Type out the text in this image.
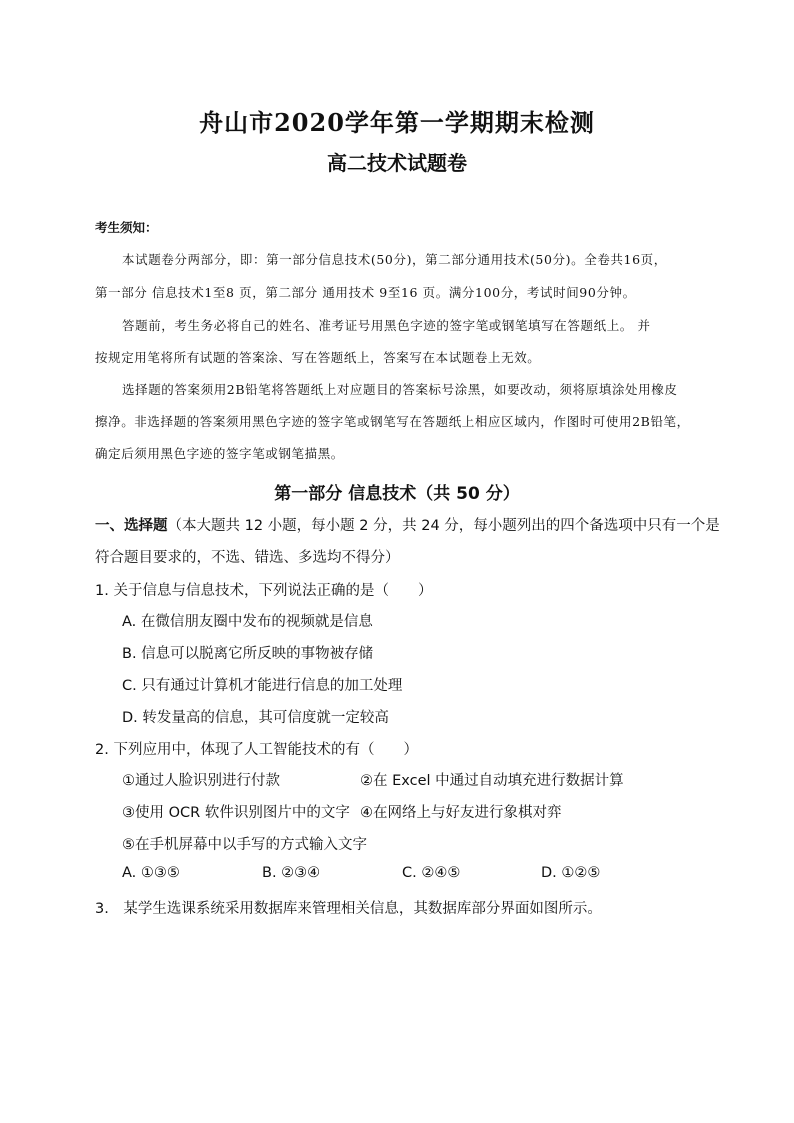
舟山市2020学年第一学期期末检测
高二技术试题卷
考生须知：
本试题卷分两部分，即：第一部分信息技术(50分)，第二部分通用技术(50分)。全卷共16页，
第一部分 信息技术1至8 页，第二部分 通用技术 9至16 页。满分100分，考试时间90分钟。
答题前，考生务必将自己的姓名、准考证号用黑色字迹的签字笔或钢笔填写在答题纸上。 并
按规定用笔将所有试题的答案涂、写在答题纸上，答案写在本试题卷上无效。
选择题的答案须用2B铅笔将答题纸上对应题目的答案标号涂黑，如要改动，须将原填涂处用橡皮
擦净。非选择题的答案须用黑色字迹的签字笔或钢笔写在答题纸上相应区域内，作图时可使用2B铅笔，
确定后须用黑色字迹的签字笔或钢笔描黑。
第一部分 信息技术（共 50 分）
一、选择题（本大题共 12 小题，每小题 2 分，共 24 分，每小题列出的四个备选项中只有一个是
符合题目要求的，不选、错选、多选均不得分）
1. 关于信息与信息技术，下列说法正确的是（　　）
A. 在微信朋友圈中发布的视频就是信息
B. 信息可以脱离它所反映的事物被存储
C. 只有通过计算机才能进行信息的加工处理
D. 转发量高的信息，其可信度就一定较高
2. 下列应用中，体现了人工智能技术的有（　　）
①通过人脸识别进行付款	②在 Excel 中通过自动填充进行数据计算
③使用 OCR 软件识别图片中的文字 ④在网络上与好友进行象棋对弈
⑤在手机屏幕中以手写的方式输入文字
A. ①③⑤	B. ②③④	C. ②④⑤	D. ①②⑤
3.　某学生选课系统采用数据库来管理相关信息，其数据库部分界面如图所示。
